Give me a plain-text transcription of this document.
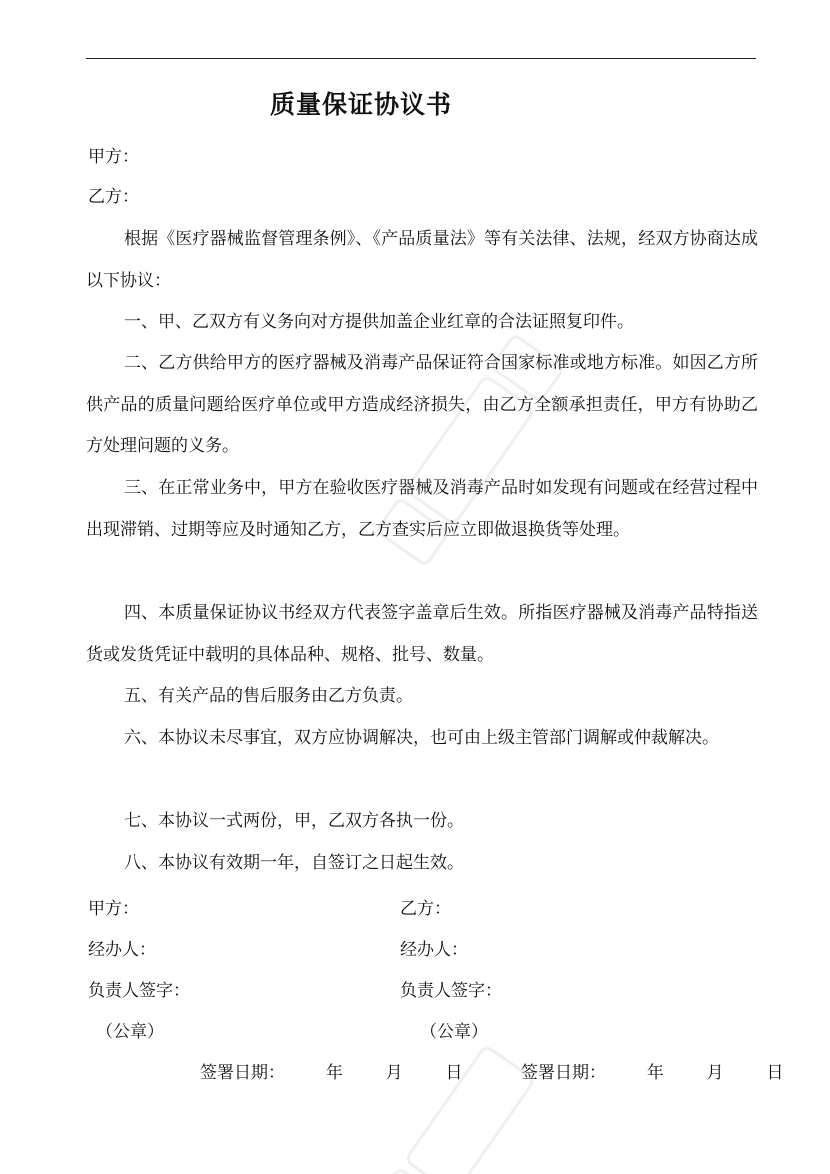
质量保证协议书

甲方：

乙方：

根据《医疗器械监督管理条例》、《产品质量法》等有关法律、法规，经双方协商达成以下协议：

一、甲、乙双方有义务向对方提供加盖企业红章的合法证照复印件。

二、乙方供给甲方的医疗器械及消毒产品保证符合国家标准或地方标准。如因乙方所供产品的质量问题给医疗单位或甲方造成经济损失，由乙方全额承担责任，甲方有协助乙方处理问题的义务。

三、在正常业务中，甲方在验收医疗器械及消毒产品时如发现有问题或在经营过程中出现滞销、过期等应及时通知乙方，乙方查实后应立即做退换货等处理。

四、本质量保证协议书经双方代表签字盖章后生效。所指医疗器械及消毒产品特指送货或发货凭证中载明的具体品种、规格、批号、数量。

五、有关产品的售后服务由乙方负责。

六、本协议未尽事宜，双方应协调解决，也可由上级主管部门调解或仲裁解决。

七、本协议一式两份，甲，乙双方各执一份。

八、本协议有效期一年，自签订之日起生效。

甲方：	乙方：

经办人：	经办人：

负责人签字：	负责人签字：

（公章）	（公章）

签署日期： 年	月	日	签署日期： 年	月	日
